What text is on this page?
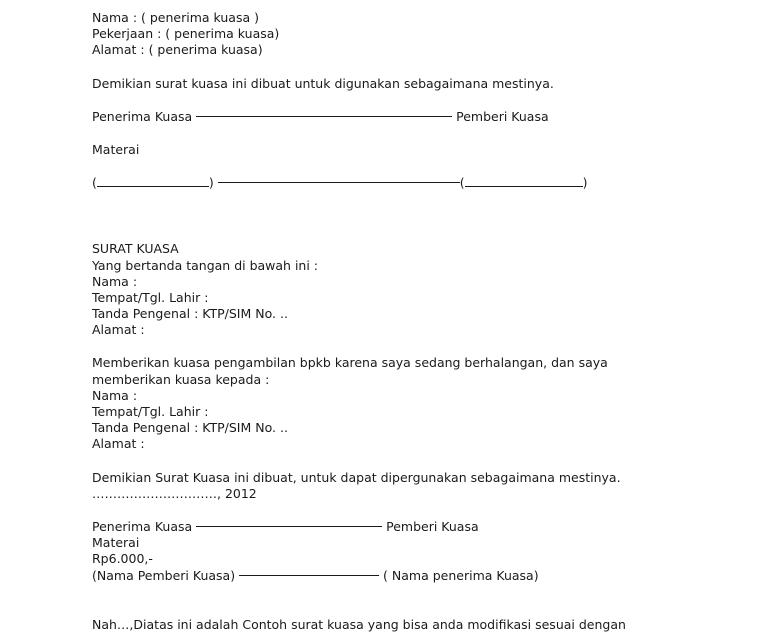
Nama : ( penerima kuasa )
Pekerjaan : ( penerima kuasa)
Alamat : ( penerima kuasa)
Demikian surat kuasa ini dibuat untuk digunakan sebagaimana mestinya.
Penerima Kuasa	Pemberi Kuasa
Materai
(	)	(	)
SURAT KUASA
Yang bertanda tangan di bawah ini :
Nama :
Tempat/Tgl. Lahir :
Tanda Pengenal : KTP/SIM No. ..
Alamat :
Memberikan kuasa pengambilan bpkb karena saya sedang berhalangan, dan saya
memberikan kuasa kepada :
Nama :
Tempat/Tgl. Lahir :
Tanda Pengenal : KTP/SIM No. ..
Alamat :
Demikian Surat Kuasa ini dibuat, untuk dapat dipergunakan sebagaimana mestinya.
…………………………, 2012
Penerima Kuasa	Pemberi Kuasa
Materai
Rp6.000,-
(Nama Pemberi Kuasa)	( Nama penerima Kuasa)
Nah…,Diatas ini adalah Contoh surat kuasa yang bisa anda modifikasi sesuai dengan
